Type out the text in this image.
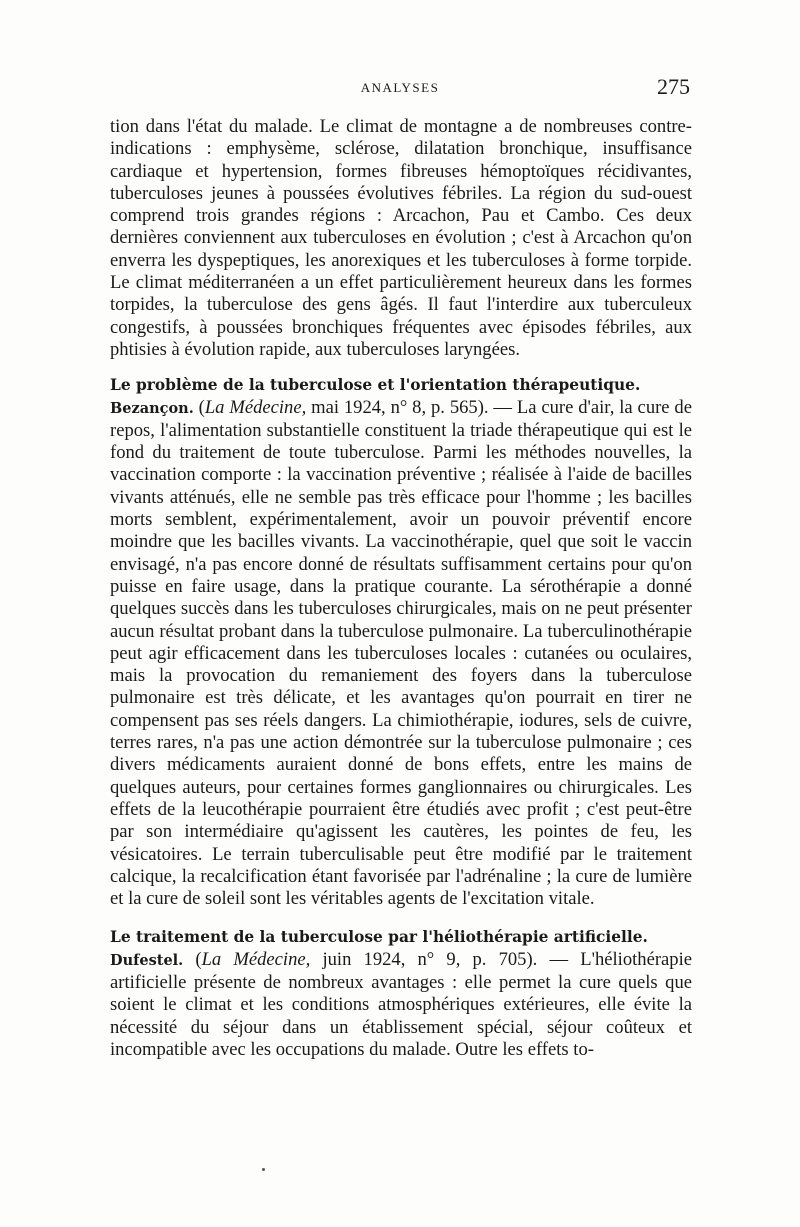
ANALYSES	275

tion dans l'état du malade. Le climat de montagne a de nombreuses contre-indications : emphysème, sclérose, dilatation bronchique, insuffisance cardiaque et hypertension, formes fibreuses hémoptoïques récidivantes, tuberculoses jeunes à poussées évolutives fébriles. La région du sud-ouest comprend trois grandes régions : Arcachon, Pau et Cambo. Ces deux dernières conviennent aux tuberculoses en évolution ; c'est à Arcachon qu'on enverra les dyspeptiques, les anorexiques et les tuberculoses à forme torpide. Le climat méditerranéen a un effet particulièrement heureux dans les formes torpides, la tuberculose des gens âgés. Il faut l'interdire aux tuberculeux congestifs, à poussées bronchiques fréquentes avec épisodes fébriles, aux phtisies à évolution rapide, aux tuberculoses laryngées.

Le problème de la tuberculose et l'orientation thérapeutique.

Bezançon. (La Médecine, mai 1924, n° 8, p. 565). — La cure d'air, la cure de repos, l'alimentation substantielle constituent la triade thérapeutique qui est le fond du traitement de toute tuberculose. Parmi les méthodes nouvelles, la vaccination comporte : la vaccination préventive ; réalisée à l'aide de bacilles vivants atténués, elle ne semble pas très efficace pour l'homme ; les bacilles morts semblent, expérimentalement, avoir un pouvoir préventif encore moindre que les bacilles vivants. La vaccinothérapie, quel que soit le vaccin envisagé, n'a pas encore donné de résultats suffisamment certains pour qu'on puisse en faire usage, dans la pratique courante. La sérothérapie a donné quelques succès dans les tuberculoses chirurgicales, mais on ne peut présenter aucun résultat probant dans la tuberculose pulmonaire. La tuberculinothérapie peut agir efficacement dans les tuberculoses locales : cutanées ou oculaires, mais la provocation du remaniement des foyers dans la tuberculose pulmonaire est très délicate, et les avantages qu'on pourrait en tirer ne compensent pas ses réels dangers. La chimiothérapie, iodures, sels de cuivre, terres rares, n'a pas une action démontrée sur la tuberculose pulmonaire ; ces divers médicaments auraient donné de bons effets, entre les mains de quelques auteurs, pour certaines formes ganglionnaires ou chirurgicales. Les effets de la leucothérapie pourraient être étudiés avec profit ; c'est peut-être par son intermédiaire qu'agissent les cautères, les pointes de feu, les vésicatoires. Le terrain tuberculisable peut être modifié par le traitement calcique, la recalcification étant favorisée par l'adrénaline ; la cure de lumière et la cure de soleil sont les véritables agents de l'excitation vitale.

Le traitement de la tuberculose par l'héliothérapie artificielle.

Dufestel. (La Médecine, juin 1924, n° 9, p. 705). — L'héliothérapie artificielle présente de nombreux avantages : elle permet la cure quels que soient le climat et les conditions atmosphériques extérieures, elle évite la nécessité du séjour dans un établissement spécial, séjour coûteux et incompatible avec les occupations du malade. Outre les effets to-
